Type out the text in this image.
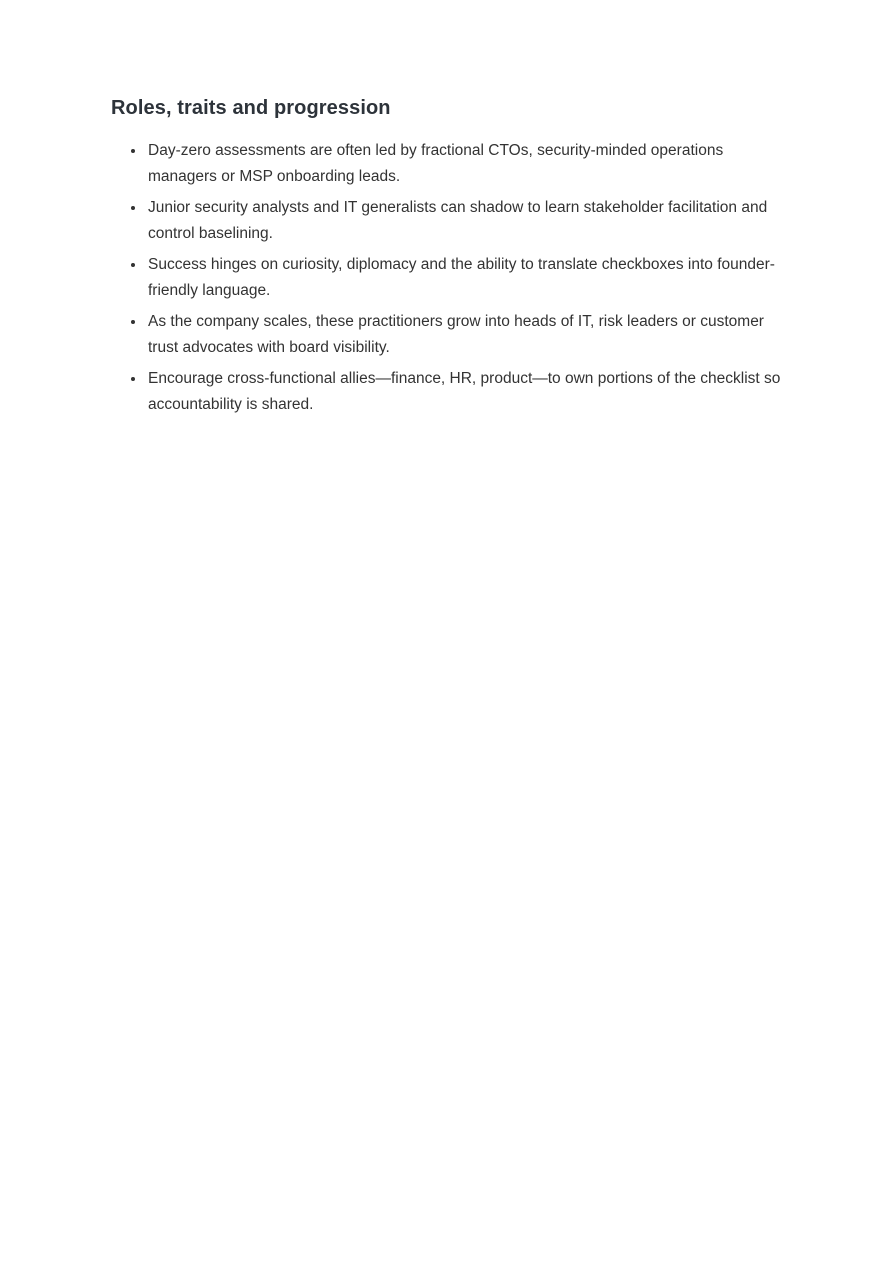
Roles, traits and progression
• Day-zero assessments are often led by fractional CTOs, security-minded operations managers or MSP onboarding leads.
• Junior security analysts and IT generalists can shadow to learn stakeholder facilitation and control baselining.
• Success hinges on curiosity, diplomacy and the ability to translate checkboxes into founder-friendly language.
• As the company scales, these practitioners grow into heads of IT, risk leaders or customer trust advocates with board visibility.
• Encourage cross-functional allies—finance, HR, product—to own portions of the checklist so accountability is shared.
